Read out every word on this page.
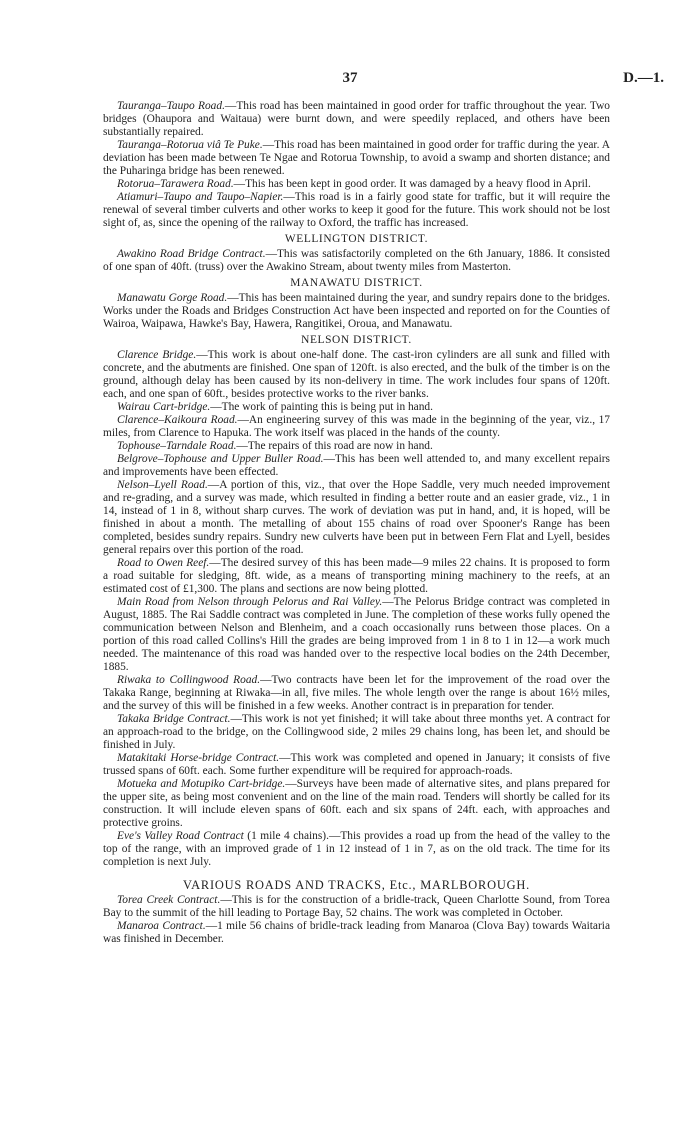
37	D.—1.

Tauranga–Taupo Road.—This road has been maintained in good order for traffic throughout the year. Two bridges (Ohaupora and Waitaua) were burnt down, and were speedily replaced, and others have been substantially repaired.

Tauranga–Rotorua viâ Te Puke.—This road has been maintained in good order for traffic during the year. A deviation has been made between Te Ngae and Rotorua Township, to avoid a swamp and shorten distance; and the Puharinga bridge has been renewed.

Rotorua–Tarawera Road.—This has been kept in good order. It was damaged by a heavy flood in April.

Atiamuri–Taupo and Taupo–Napier.—This road is in a fairly good state for traffic, but it will require the renewal of several timber culverts and other works to keep it good for the future. This work should not be lost sight of, as, since the opening of the railway to Oxford, the traffic has increased.

WELLINGTON DISTRICT.

Awakino Road Bridge Contract.—This was satisfactorily completed on the 6th January, 1886. It consisted of one span of 40ft. (truss) over the Awakino Stream, about twenty miles from Masterton.

MANAWATU DISTRICT.

Manawatu Gorge Road.—This has been maintained during the year, and sundry repairs done to the bridges. Works under the Roads and Bridges Construction Act have been inspected and reported on for the Counties of Wairoa, Waipawa, Hawke's Bay, Hawera, Rangitikei, Oroua, and Manawatu.

NELSON DISTRICT.

Clarence Bridge.—This work is about one-half done. The cast-iron cylinders are all sunk and filled with concrete, and the abutments are finished. One span of 120ft. is also erected, and the bulk of the timber is on the ground, although delay has been caused by its non-delivery in time. The work includes four spans of 120ft. each, and one span of 60ft., besides protective works to the river banks.

Wairau Cart-bridge.—The work of painting this is being put in hand.

Clarence–Kaikoura Road.—An engineering survey of this was made in the beginning of the year, viz., 17 miles, from Clarence to Hapuka. The work itself was placed in the hands of the county.

Tophouse–Tarndale Road.—The repairs of this road are now in hand.

Belgrove–Tophouse and Upper Buller Road.—This has been well attended to, and many excellent repairs and improvements have been effected.

Nelson–Lyell Road.—A portion of this, viz., that over the Hope Saddle, very much needed improvement and re-grading, and a survey was made, which resulted in finding a better route and an easier grade, viz., 1 in 14, instead of 1 in 8, without sharp curves. The work of deviation was put in hand, and, it is hoped, will be finished in about a month. The metalling of about 155 chains of road over Spooner's Range has been completed, besides sundry repairs. Sundry new culverts have been put in between Fern Flat and Lyell, besides general repairs over this portion of the road.

Road to Owen Reef.—The desired survey of this has been made—9 miles 22 chains. It is proposed to form a road suitable for sledging, 8ft. wide, as a means of transporting mining machinery to the reefs, at an estimated cost of £1,300. The plans and sections are now being plotted.

Main Road from Nelson through Pelorus and Rai Valley.—The Pelorus Bridge contract was completed in August, 1885. The Rai Saddle contract was completed in June. The completion of these works fully opened the communication between Nelson and Blenheim, and a coach occasionally runs between those places. On a portion of this road called Collins's Hill the grades are being improved from 1 in 8 to 1 in 12—a work much needed. The maintenance of this road was handed over to the respective local bodies on the 24th December, 1885.

Riwaka to Collingwood Road.—Two contracts have been let for the improvement of the road over the Takaka Range, beginning at Riwaka—in all, five miles. The whole length over the range is about 16½ miles, and the survey of this will be finished in a few weeks. Another contract is in preparation for tender.

Takaka Bridge Contract.—This work is not yet finished; it will take about three months yet. A contract for an approach-road to the bridge, on the Collingwood side, 2 miles 29 chains long, has been let, and should be finished in July.

Matakitaki Horse-bridge Contract.—This work was completed and opened in January; it consists of five trussed spans of 60ft. each. Some further expenditure will be required for approach-roads.

Motueka and Motupiko Cart-bridge.—Surveys have been made of alternative sites, and plans prepared for the upper site, as being most convenient and on the line of the main road. Tenders will shortly be called for its construction. It will include eleven spans of 60ft. each and six spans of 24ft. each, with approaches and protective groins.

Eve's Valley Road Contract (1 mile 4 chains).—This provides a road up from the head of the valley to the top of the range, with an improved grade of 1 in 12 instead of 1 in 7, as on the old track. The time for its completion is next July.

VARIOUS ROADS AND TRACKS, Etc., MARLBOROUGH.

Torea Creek Contract.—This is for the construction of a bridle-track, Queen Charlotte Sound, from Torea Bay to the summit of the hill leading to Portage Bay, 52 chains. The work was completed in October.

Manaroa Contract.—1 mile 56 chains of bridle-track leading from Manaroa (Clova Bay) towards Waitaria was finished in December.
